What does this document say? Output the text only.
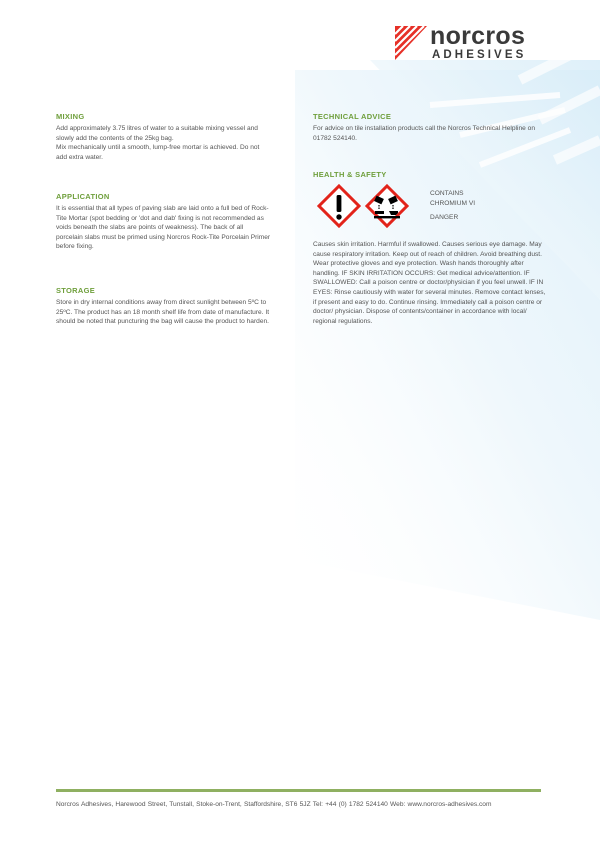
norcros
ADHESIVES
MIXING

Add approximately 3.75 litres of water to a suitable mixing vessel and slowly add the contents of the 25kg bag.

Mix mechanically until a smooth, lump-free mortar is achieved. Do not add extra water.

APPLICATION

It is essential that all types of paving slab are laid onto a full bed of Rock-Tite Mortar (spot bedding or 'dot and dab' fixing is not recommended as voids beneath the slabs are points of weakness). The back of all porcelain slabs must be primed using Norcros Rock-Tite Porcelain Primer before fixing.

STORAGE

Store in dry internal conditions away from direct sunlight between 5ºC to 25ºC. The product has an 18 month shelf life from date of manufacture. It should be noted that puncturing the bag will cause the product to harden.

TECHNICAL ADVICE

For advice on tile installation products call the Norcros Technical Helpline on 01782 524140.

HEALTH & SAFETY
CONTAINS
CHROMIUM VI
DANGER

Causes skin irritation. Harmful if swallowed. Causes serious eye damage. May cause respiratory irritation. Keep out of reach of children. Avoid breathing dust. Wear protective gloves and eye protection. Wash hands thoroughly after handling. IF SKIN IRRITATION OCCURS: Get medical advice/attention. IF SWALLOWED: Call a poison centre or doctor/physician if you feel unwell. IF IN EYES: Rinse cautiously with water for several minutes. Remove contact lenses, if present and easy to do. Continue rinsing. Immediately call a poison centre or doctor/ physician. Dispose of contents/container in accordance with local/ regional regulations.

Norcros Adhesives, Harewood Street, Tunstall, Stoke-on-Trent, Staffordshire, ST6 5JZ Tel: +44 (0) 1782 524140 Web: www.norcros-adhesives.com
